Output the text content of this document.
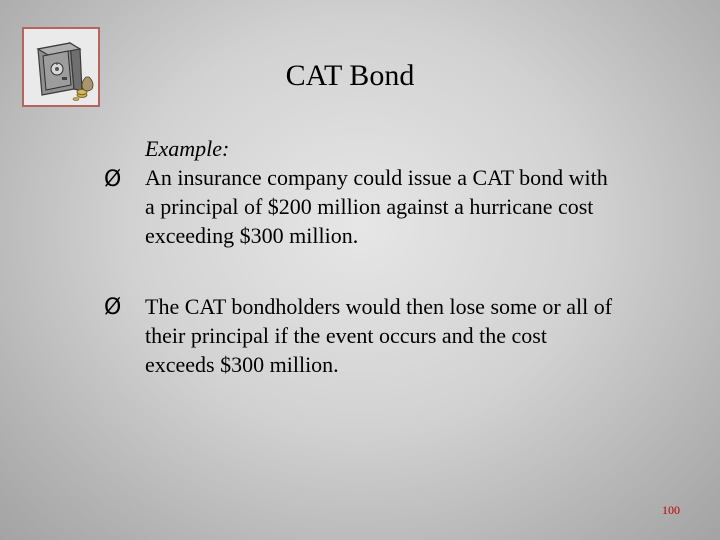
CAT Bond
Ø
Example:
An insurance company could issue a CAT bond with a principal of $200 million against a hurricane cost exceeding $300 million.
Ø The CAT bondholders would then lose some or all of their principal if the event occurs and the cost exceeds $300 million.
100
